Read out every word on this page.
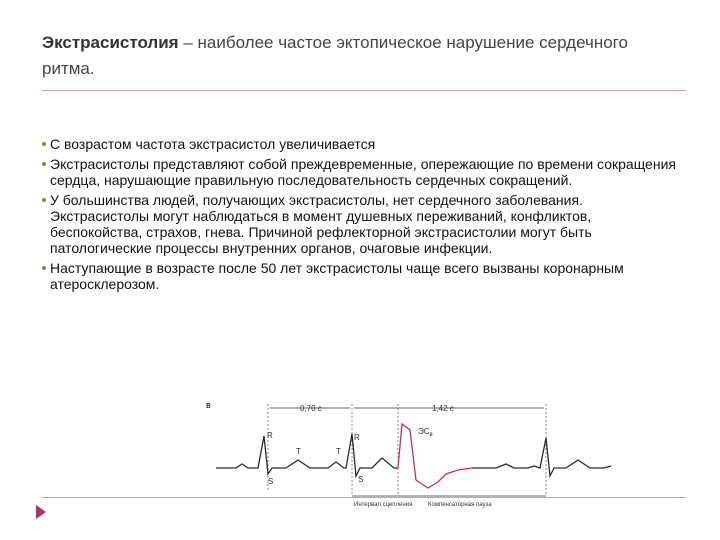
Экстрасистолия – наиболее частое эктопическое нарушение сердечного ритма.
С возрастом частота экстрасистол увеличивается
Экстрасистолы представляют собой преждевременные, опережающие по времени сокращения сердца, нарушающие правильную последовательность сердечных сокращений.
У большинства людей, получающих экстрасистолы, нет сердечного заболевания. Экстрасистолы могут наблюдаться в момент душевных переживаний, конфликтов, беспокойства, страхов, гнева. Причиной рефлекторной экстрасистолии могут быть патологические процессы внутренних органов, очаговые инфекции.
Наступающие в возрасте после 50 лет экстрасистолы чаще всего вызваны коронарным атеросклерозом.
в	0,70 с	1,42 с
R
T
S
R
T
S
$ЭС_в$
Интервал сцепления	Компенсаторная пауза
